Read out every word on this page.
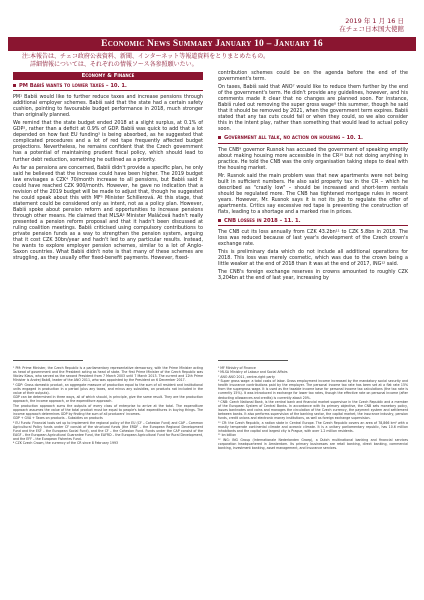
2019 年 1 月 16 日
在チェコ日本国大使館
Economic News Summary January 10 – January 16
注:本報告は、チェコ政府公表資料、新聞、インターネット等報道資料をとりまとめたもの。
詳細情報については、それぞれの情報ソース各参照願いたい。
Economy & Finance
PM Babiš wants to lower taxes – 10. 1.

PM¹ Babiš would like to further reduce taxes and increase pensions through additional employer schemes. Babiš said that the state had a certain safety cushion, pointing to favourable budget performance in 2018, much stronger than originally planned.

We remind that the state budget ended 2018 at a slight surplus, at 0.1% of GDP², rather than a deficit at 0.9% of GDP. Babiš was quick to add that a lot depended on how fast EU funding³ is being absorbed, as he suggested that complicated procedures and a lot of red tape frequently affected budget projections. Nevertheless, he remains confident that the Czech government has a potential of maintaining prudent fiscal policy, which should lead to further debt reduction, something he outlined as a priority.

As far as pensions are concerned, Babiš didn't provide a specific plan, he only said he believed that the increase could have been higher. The 2019 budget law envisages a CZK⁴ 70/month increase to all pensions, but Babiš said it could have reached CZK 900/month. However, he gave no indication that a revision of the 2019 budget will be made to adjust that, though he suggested he could speak about this with MF⁵ Minister Schillerová. At this stage, that statement could be considered only as intent, not as a policy plan. However, Babiš spoke about pension reform and opportunities to increase pensions through other means. He claimed that MLSA⁶ Minister Maláčová hadn't really presented a pension reform proposal and that it hadn't been discussed at ruling coalition meetings. Babiš criticised using compulsory contributions to private pension funds as a way to strengthen the pension system, arguing that it cost CZK 30bn/year and hadn't led to any particular results. Instead, he wants to explore employer pension schemes, similar to a lot of Anglo-Saxon countries. What Babiš didn't note is that many of these schemes are struggling, as they usually offer fixed-benefit payments. However, fixed-

contribution schemes could be on the agenda before the end of the government's term.

On taxes, Babiš said that ANO⁷ would like to reduce them further by the end of the government's term. He didn't provide any guidelines, however, and his comments made it clear that no changes are planned soon. For instance, Babiš ruled out removing the super gross wage⁸ this summer, though he said that it should be removed by 2021, when the government term expires. Babiš stated that any tax cuts could fail or when they could, so we also consider this in the intent play, rather than something that would lead to actual policy soon.

Government all talk, no action on housing – 10. 1.

The CNB⁹ governor Rusnok has accused the government of speaking emptily about making housing more accessible in the CR¹⁰ but not doing anything in practice. He told the CNB was the only organisation taking steps to deal with the housing market.

Mr. Rusnok said the main problem was that new apartments were not being built in sufficient numbers. He also said property tax in the CR – which he described as "crazily low" – should be increased and short-term rentals should be regulated more. The CNB has tightened mortgage rules in recent years. However, Mr. Rusnok says it is not its job to regulate the offer of apartments. Critics say excessive red tape is preventing the construction of flats, leading to a shortage and a marked rise in prices.

CNB losses in 2018 – 11. 1.

The CNB cut its loss annually from CZK 43.2bn¹¹ to CZK 5.8bn in 2018. The loss was reduced because of last year's development of the Czech crown's exchange rate.

This is preliminary data which do not include all additional operations for 2018. This loss was merely cosmetic, which was due to the crown being a little weaker at the end of 2018 than it was at the end of 2017, ING¹² said.

The CNB's foreign exchange reserves in crowns amounted to roughly CZK 3,204bn at the end of last year, increasing by

¹ PM: Prime Minister, the Czech Republic is a parliamentary representative democracy, with the Prime Minister acting as head of government and the President acting as head of state. The first Prime Minister of the Czech Republic was Václav Klaus, who served as the second President from 7 March 2003 until 7 March 2013. The current and 12th Prime Minister is Andrej Babiš, leader of the ANO 2011, who was appointed by the President on 6 December 2017.
² GDP: Gross domestic product, an aggregate measure of production equal to the sum of all resident and institutional units engaged in production in a period (plus any taxes, and minus any subsidies, on products not included in the value of their outputs).
GDP can be determined in three ways, all of which should, in principle, give the same result. They are the production approach, the income approach, or the expenditure approach.
The production approach sums the outputs of every class of enterprise to arrive at the total. The expenditure approach assumes the value of the total product must be equal to people's total expenditures in buying things. The income approach determines GDP by finding the sum of all producers' incomes.
GDP + GVA + Taxes on products - Subsidies on products
³ EU Funds: Financial tools set up to implement the regional policy of the EU (CF – Cohesion Fund) and CAP – Common Agricultural Policy funds under CF consist of the structural funds (the ERDF – the European Regional Development Fund and the ESF – the European Social Fund), and the CF – the Cohesion Fund. Funds under the CAP consist of the EAGF – the European Agricultural Guarantee Fund, the EAFRD – the European Agricultural Fund for Rural Development, and the EFF – the European Fisheries Fund.
⁴ CZK Czech Crown, the currency of the CR since 8 February 1993
⁵ MF Ministry of Finance
⁶ MLSA Ministry of Labour and Social Affairs
⁷ ANO ANO 2011, centre-right party
⁸ Super gross wage: a total costs of labor. Gross employment income increased by the mandatory social security and health insurance contributions paid by the employer. The personal income tax rate has been set at a flat rate 15% from the supergross wage. It is used as the taxable income base for personal income tax calculations (the tax rate is currently 15%). It was introduced in exchange for lower tax rates, though the effective rate on personal income (after deducting allowances and credits) is currently about 20%.
⁹ CNB: Czech National Bank, is the central bank and financial market supervisor in the Czech Republic and a member of the European System of Central Banks. In accordance with its primary objective, the CNB sets monetary policy, issues banknotes and coins and manages the circulation of the Czech currency, the payment system and settlement between banks. It also performs supervision of the banking sector, the capital market, the insurance industry, pension funds, credit unions and electronic money institutions, as well as foreign exchange supervision.
¹⁰ CR: the Czech Republic, a nation state in Central Europe. The Czech Republic covers an area of 78,866 km² with a mostly temperate continental climate and oceanic climate. It is a unitary parliamentary republic, has 10.6 million inhabitants and the capital and largest city is Prague, with over 1.2 million residents.
¹¹ bn billion
¹² ING: ING Group (Internationale Nederlanden Groep), a Dutch multinational banking and financial services corporation headquartered in Amsterdam. Its primary businesses are retail banking, direct banking, commercial banking, investment banking, asset management, and insurance services.
